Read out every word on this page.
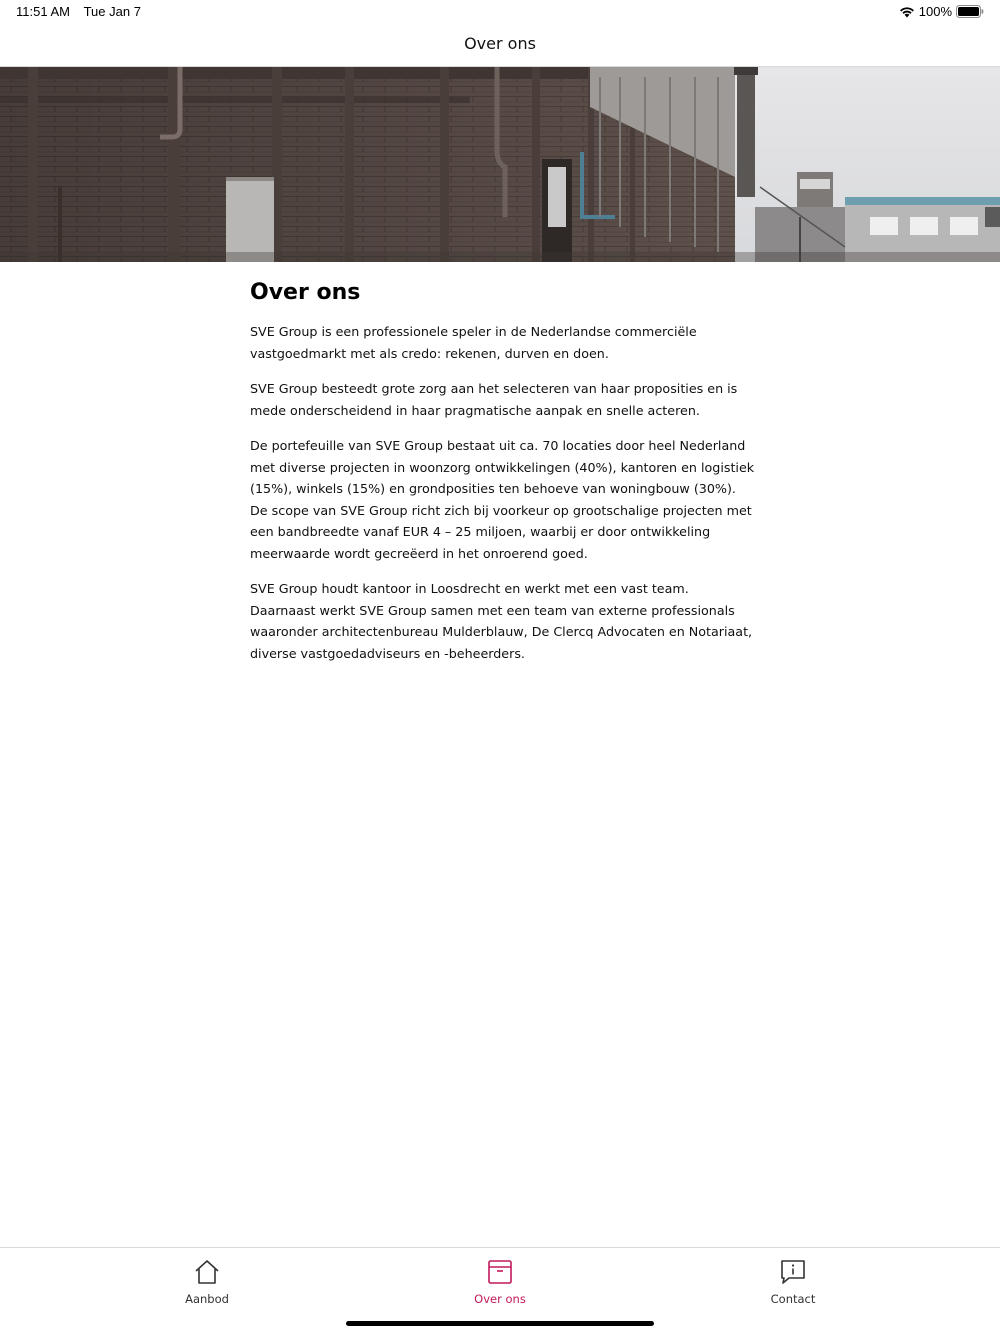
11:51 AM Tue Jan 7	100%
Over ons
Over ons

SVE Group is een professionele speler in de Nederlandse commerciële vastgoedmarkt met als credo: rekenen, durven en doen.

SVE Group besteedt grote zorg aan het selecteren van haar proposities en is mede onderscheidend in haar pragmatische aanpak en snelle acteren.

De portefeuille van SVE Group bestaat uit ca. 70 locaties door heel Nederland met diverse projecten in woonzorg ontwikkelingen (40%), kantoren en logistiek (15%), winkels (15%) en grondposities ten behoeve van woningbouw (30%). De scope van SVE Group richt zich bij voorkeur op grootschalige projecten met een bandbreedte vanaf EUR 4 – 25 miljoen, waarbij er door ontwikkeling meerwaarde wordt gecreëerd in het onroerend goed.

SVE Group houdt kantoor in Loosdrecht en werkt met een vast team. Daarnaast werkt SVE Group samen met een team van externe professionals waaronder architectenbureau Mulderblauw, De Clercq Advocaten en Notariaat, diverse vastgoedadviseurs en -beheerders.

Aanbod	Over ons	Contact
